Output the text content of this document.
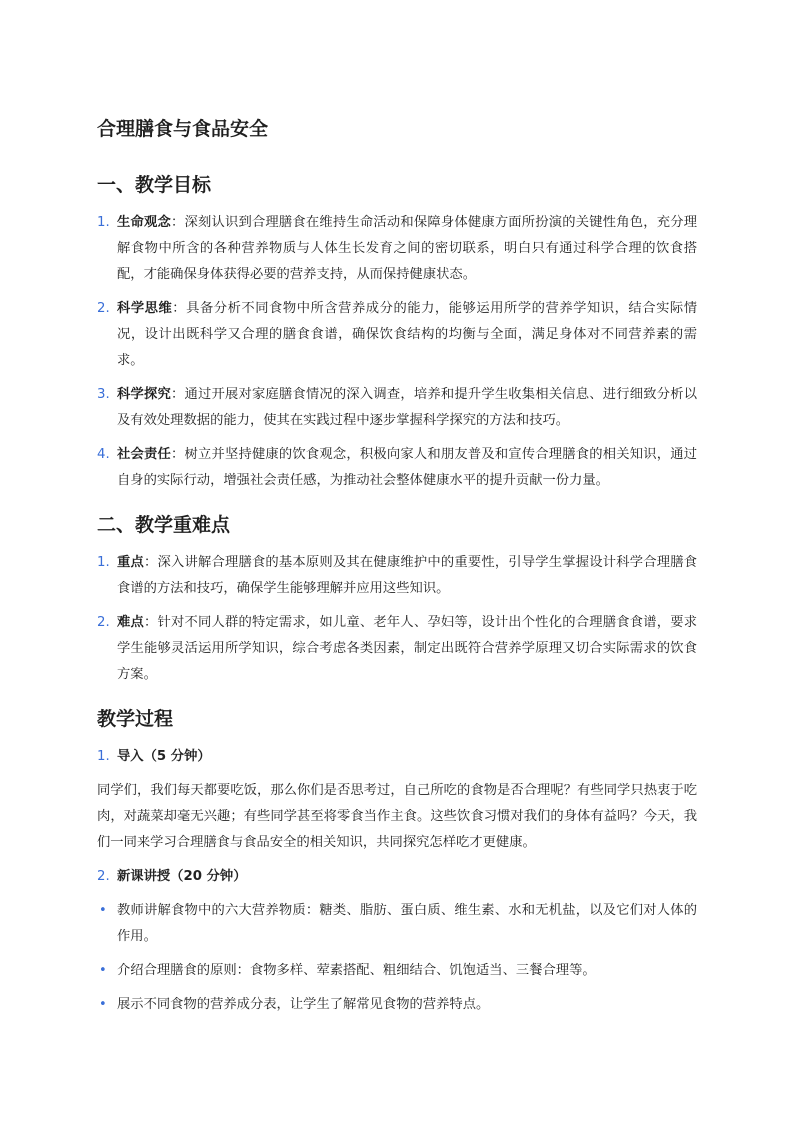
合理膳食与食品安全
一、教学目标
1. 生命观念：深刻认识到合理膳食在维持生命活动和保障身体健康方面所扮演的关键性角色，充分理解食物中所含的各种营养物质与人体生长发育之间的密切联系，明白只有通过科学合理的饮食搭配，才能确保身体获得必要的营养支持，从而保持健康状态。
2. 科学思维：具备分析不同食物中所含营养成分的能力，能够运用所学的营养学知识，结合实际情况，设计出既科学又合理的膳食食谱，确保饮食结构的均衡与全面，满足身体对不同营养素的需求。
3. 科学探究：通过开展对家庭膳食情况的深入调查，培养和提升学生收集相关信息、进行细致分析以及有效处理数据的能力，使其在实践过程中逐步掌握科学探究的方法和技巧。
4. 社会责任：树立并坚持健康的饮食观念，积极向家人和朋友普及和宣传合理膳食的相关知识，通过自身的实际行动，增强社会责任感，为推动社会整体健康水平的提升贡献一份力量。
二、教学重难点
1. 重点：深入讲解合理膳食的基本原则及其在健康维护中的重要性，引导学生掌握设计科学合理膳食食谱的方法和技巧，确保学生能够理解并应用这些知识。
2. 难点：针对不同人群的特定需求，如儿童、老年人、孕妇等，设计出个性化的合理膳食食谱，要求学生能够灵活运用所学知识，综合考虑各类因素，制定出既符合营养学原理又切合实际需求的饮食方案。
教学过程
1. 导入（5 分钟）
同学们，我们每天都要吃饭，那么你们是否思考过，自己所吃的食物是否合理呢？有些同学只热衷于吃肉，对蔬菜却毫无兴趣；有些同学甚至将零食当作主食。这些饮食习惯对我们的身体有益吗？今天，我们一同来学习合理膳食与食品安全的相关知识，共同探究怎样吃才更健康。
2. 新课讲授（20 分钟）
• 教师讲解食物中的六大营养物质：糖类、脂肪、蛋白质、维生素、水和无机盐，以及它们对人体的作用。
• 介绍合理膳食的原则：食物多样、荤素搭配、粗细结合、饥饱适当、三餐合理等。
• 展示不同食物的营养成分表，让学生了解常见食物的营养特点。
